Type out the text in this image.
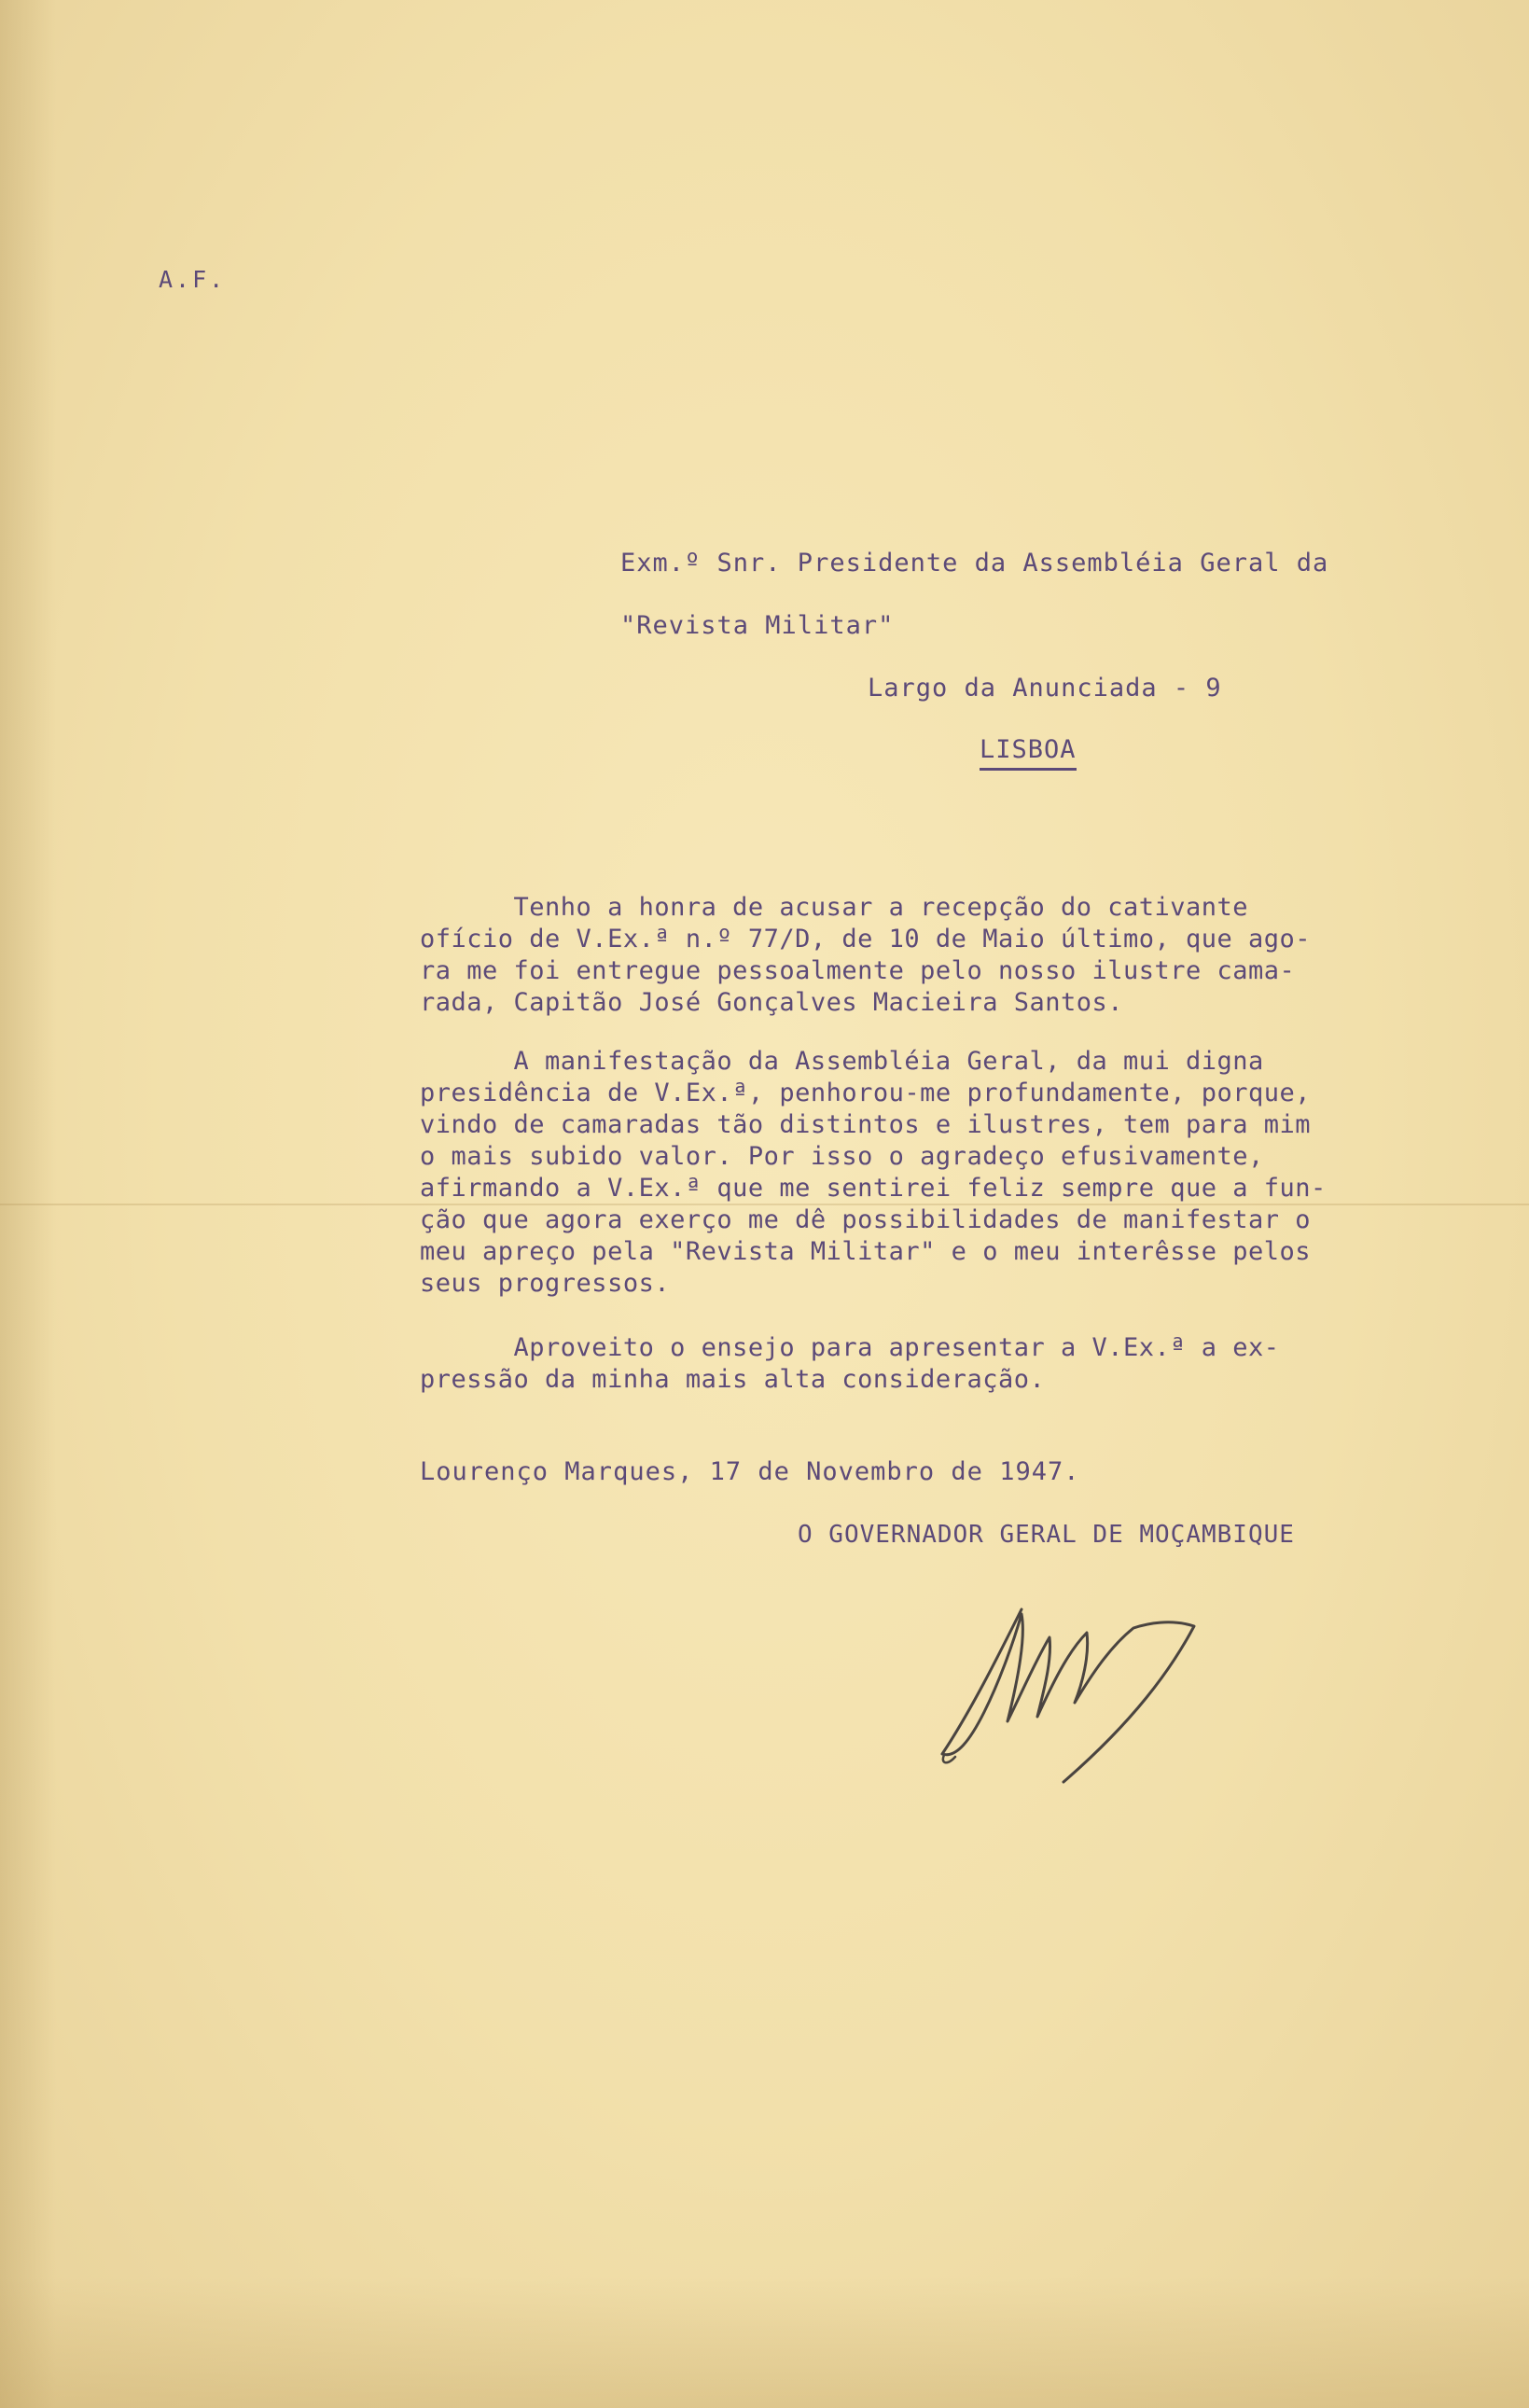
A.F.
Exm.º Snr. Presidente da Assembléia Geral da
"Revista Militar"
Largo da Anunciada - 9
LISBOA
Tenho a honra de acusar a recepção do cativante
ofício de V.Ex.ª n.º 77/D, de 10 de Maio último, que ago-
ra me foi entregue pessoalmente pelo nosso ilustre cama-
rada, Capitão José Gonçalves Macieira Santos.
A manifestação da Assembléia Geral, da mui digna
presidência de V.Ex.ª, penhorou-me profundamente, porque,
vindo de camaradas tão distintos e ilustres, tem para mim
o mais subido valor. Por isso o agradeço efusivamente,
afirmando a V.Ex.ª que me sentirei feliz sempre que a fun-
ção que agora exerço me dê possibilidades de manifestar o
meu apreço pela "Revista Militar" e o meu interêsse pelos
seus progressos.
Aproveito o ensejo para apresentar a V.Ex.ª a ex-
pressão da minha mais alta consideração.
Lourenço Marques, 17 de Novembro de 1947.
O GOVERNADOR GERAL DE MOÇAMBIQUE
